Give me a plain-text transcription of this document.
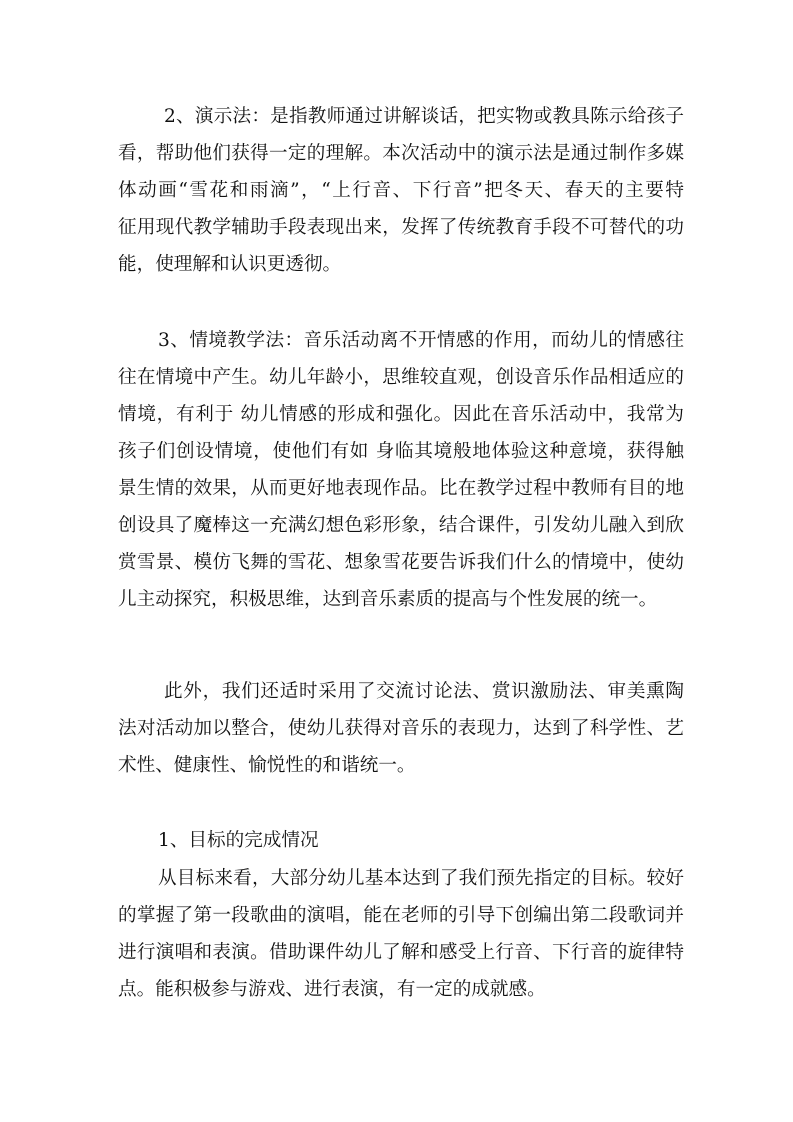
2、演示法：是指教师通过讲解谈话，把实物或教具陈示给孩子
看，帮助他们获得一定的理解。本次活动中的演示法是通过制作多媒
体动画“雪花和雨滴”，“上行音、下行音”把冬天、春天的主要特
征用现代教学辅助手段表现出来，发挥了传统教育手段不可替代的功
能，使理解和认识更透彻。
3、情境教学法：音乐活动离不开情感的作用，而幼儿的情感往
往在情境中产生。幼儿年龄小，思维较直观，创设音乐作品相适应的
情境，有利于 幼儿情感的形成和强化。因此在音乐活动中，我常为
孩子们创设情境，使他们有如 身临其境般地体验这种意境，获得触
景生情的效果，从而更好地表现作品。比在教学过程中教师有目的地
创设具了魔棒这一充满幻想色彩形象，结合课件，引发幼儿融入到欣
赏雪景、模仿飞舞的雪花、想象雪花要告诉我们什么的情境中，使幼
儿主动探究，积极思维，达到音乐素质的提高与个性发展的统一。
此外，我们还适时采用了交流讨论法、赏识激励法、审美熏陶
法对活动加以整合，使幼儿获得对音乐的表现力，达到了科学性、艺
术性、健康性、愉悦性的和谐统一。
1、目标的完成情况
从目标来看，大部分幼儿基本达到了我们预先指定的目标。较好
的掌握了第一段歌曲的演唱，能在老师的引导下创编出第二段歌词并
进行演唱和表演。借助课件幼儿了解和感受上行音、下行音的旋律特
点。能积极参与游戏、进行表演，有一定的成就感。
